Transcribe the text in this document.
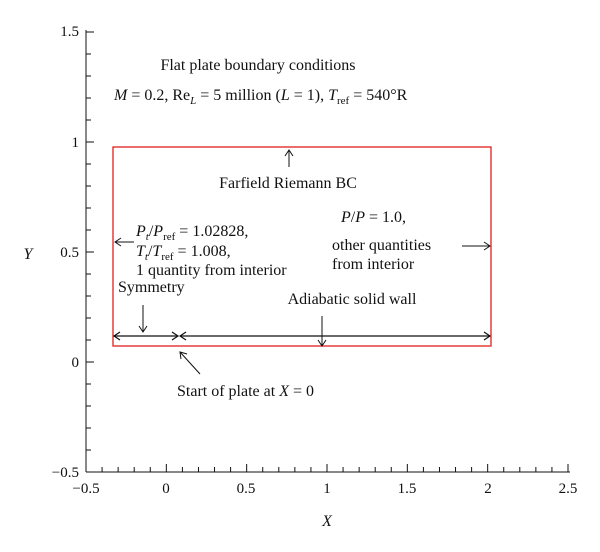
−0.5	0	0.5	1	1.5	2	2.5
−0.5
0
0.5
1
1.5
X
Y
Flat plate boundary conditions
M = 0.2, $Re_L = 5$ million (L = 1), $T_{ref} = 540^\circ R$
Farfield Riemann BC
$P_t/P_{ref} = 1.02828$,
$T_t/T_{ref} = 1.008$,
1 quantity from interior
P/P = 1.0,
other quantities
from interior
Symmetry
Adiabatic solid wall
Start of plate at X = 0
